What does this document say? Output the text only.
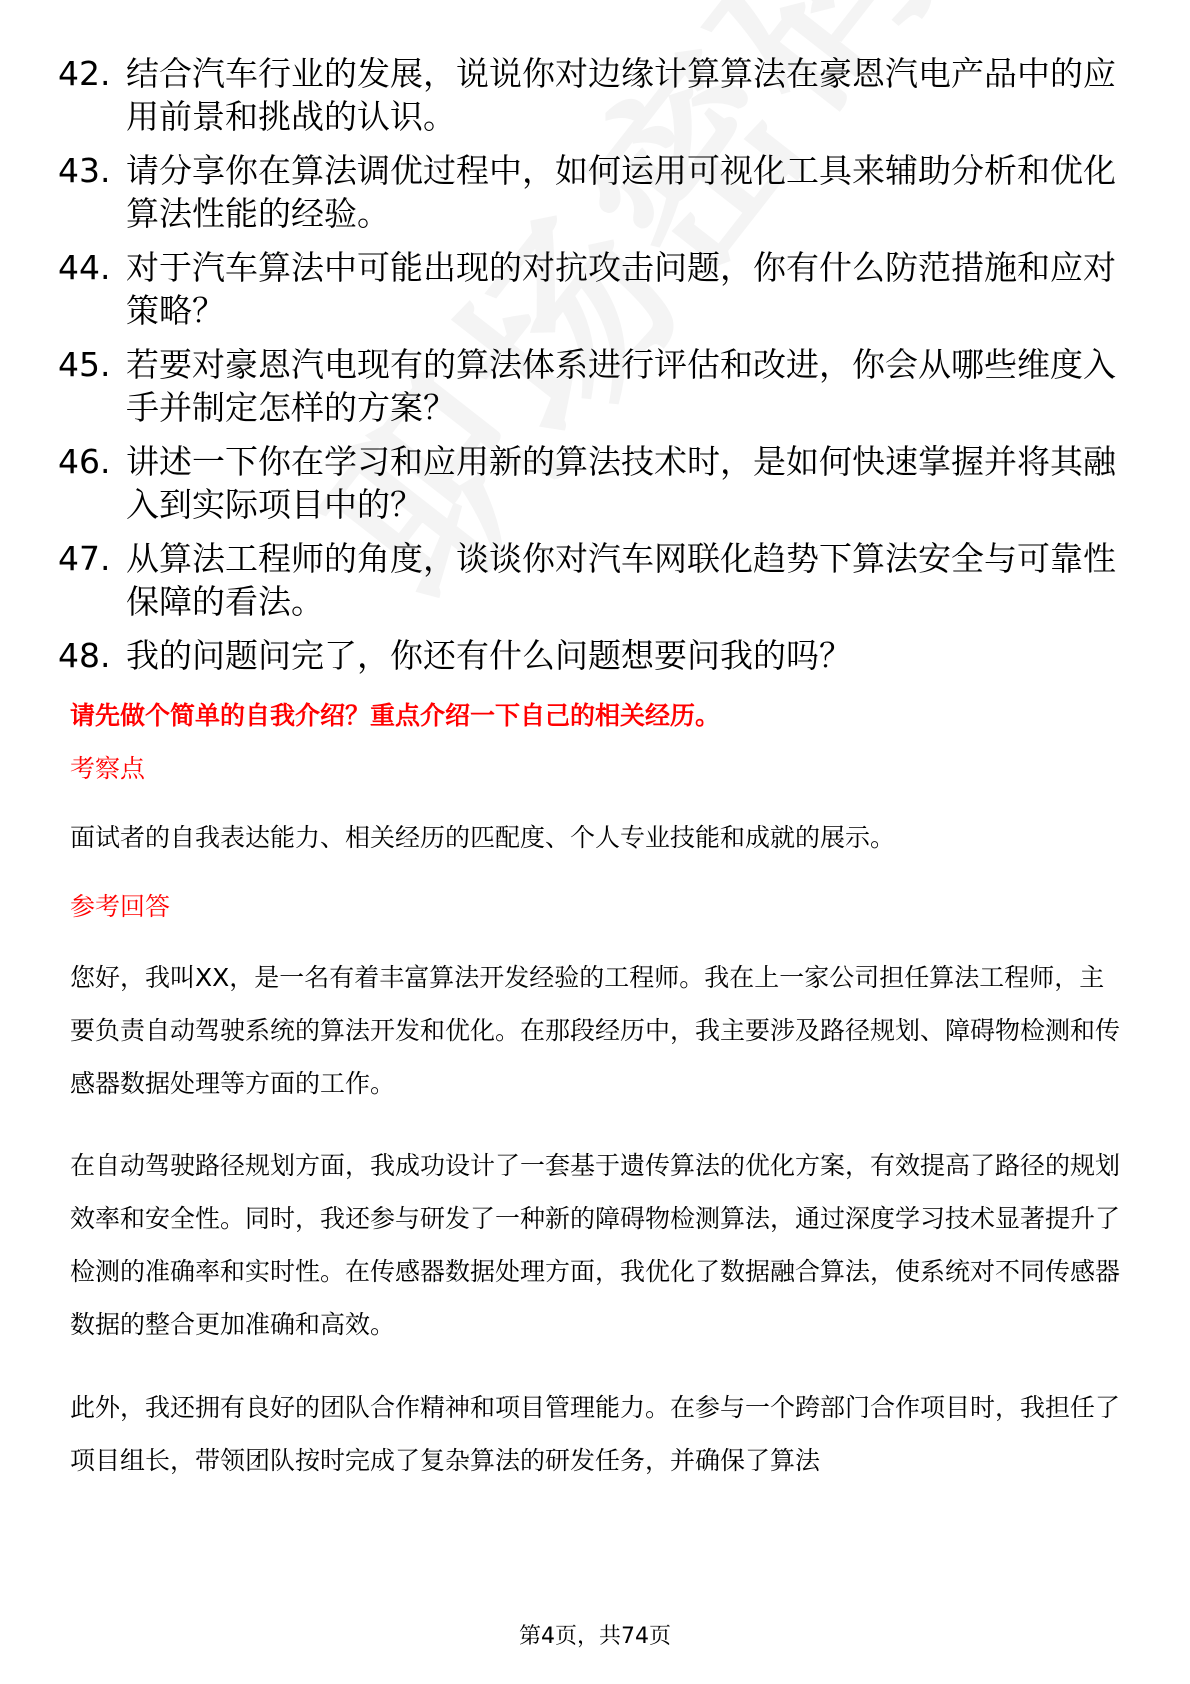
42. 结合汽车行业的发展，说说你对边缘计算算法在豪恩汽电产品中的应用前景和挑战的认识。
43. 请分享你在算法调优过程中，如何运用可视化工具来辅助分析和优化算法性能的经验。
44. 对于汽车算法中可能出现的对抗攻击问题，你有什么防范措施和应对策略？
45. 若要对豪恩汽电现有的算法体系进行评估和改进，你会从哪些维度入手并制定怎样的方案？
46. 讲述一下你在学习和应用新的算法技术时，是如何快速掌握并将其融入到实际项目中的？
47. 从算法工程师的角度，谈谈你对汽车网联化趋势下算法安全与可靠性保障的看法。
48. 我的问题问完了，你还有什么问题想要问我的吗？
请先做个简单的自我介绍？重点介绍一下自己的相关经历。
考察点

面试者的自我表达能力、相关经历的匹配度、个人专业技能和成就的展示。

参考回答

您好，我叫XX，是一名有着丰富算法开发经验的工程师。我在上一家公司担任算法工程师，主要负责自动驾驶系统的算法开发和优化。在那段经历中，我主要涉及路径规划、障碍物检测和传感器数据处理等方面的工作。

在自动驾驶路径规划方面，我成功设计了一套基于遗传算法的优化方案，有效提高了路径的规划效率和安全性。同时，我还参与研发了一种新的障碍物检测算法，通过深度学习技术显著提升了检测的准确率和实时性。在传感器数据处理方面，我优化了数据融合算法，使系统对不同传感器数据的整合更加准确和高效。

此外，我还拥有良好的团队合作精神和项目管理能力。在参与一个跨部门合作项目时，我担任了项目组长，带领团队按时完成了复杂算法的研发任务，并确保了算法

第4页，共74页
